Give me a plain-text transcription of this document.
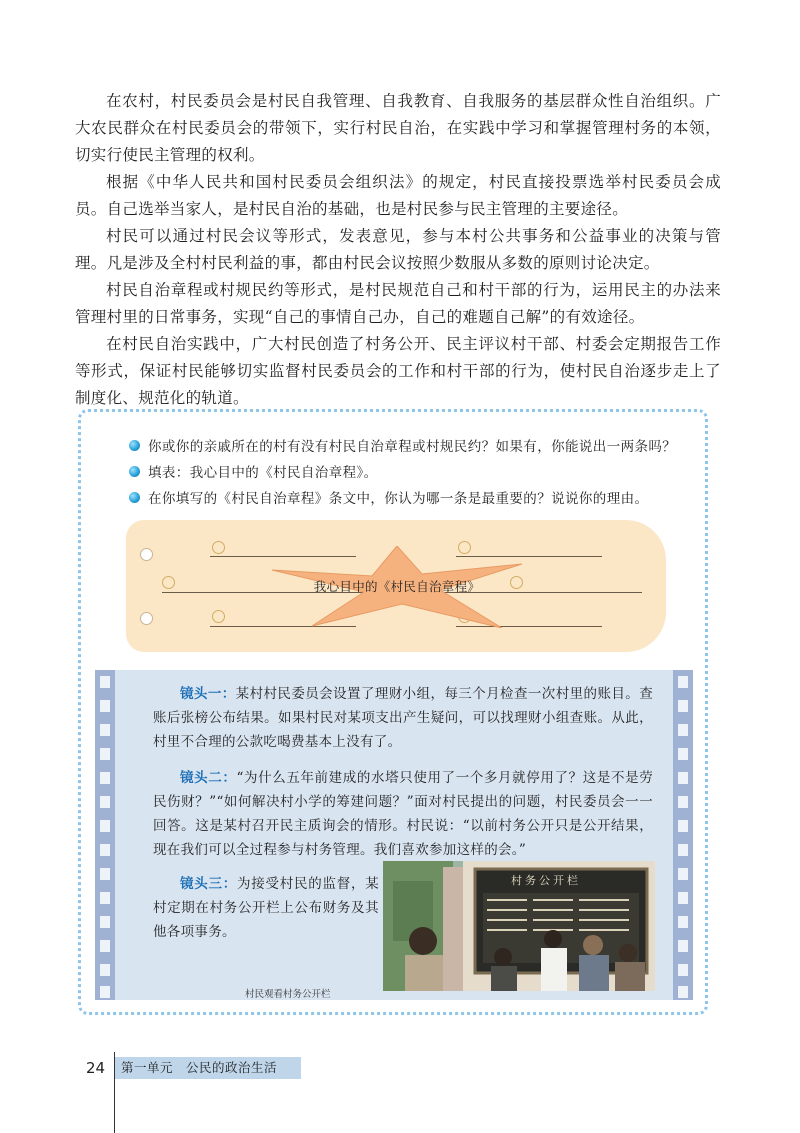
在农村，村民委员会是村民自我管理、自我教育、自我服务的基层群众性自治组织。广大农民群众在村民委员会的带领下，实行村民自治，在实践中学习和掌握管理村务的本领，切实行使民主管理的权利。

根据《中华人民共和国村民委员会组织法》的规定，村民直接投票选举村民委员会成员。自己选举当家人，是村民自治的基础，也是村民参与民主管理的主要途径。

村民可以通过村民会议等形式，发表意见，参与本村公共事务和公益事业的决策与管理。凡是涉及全村村民利益的事，都由村民会议按照少数服从多数的原则讨论决定。

村民自治章程或村规民约等形式，是村民规范自己和村干部的行为，运用民主的办法来管理村里的日常事务，实现“自己的事情自己办，自己的难题自己解”的有效途径。

在村民自治实践中，广大村民创造了村务公开、民主评议村干部、村委会定期报告工作等形式，保证村民能够切实监督村民委员会的工作和村干部的行为，使村民自治逐步走上了制度化、规范化的轨道。

你或你的亲戚所在的村有没有村民自治章程或村规民约？如果有，你能说出一两条吗？
填表：我心目中的《村民自治章程》。
在你填写的《村民自治章程》条文中，你认为哪一条是最重要的？说说你的理由。
我心目中的《村民自治章程》
镜头一：某村村民委员会设置了理财小组，每三个月检查一次村里的账目。查账后张榜公布结果。如果村民对某项支出产生疑问，可以找理财小组查账。从此，村里不合理的公款吃喝费基本上没有了。
镜头二：“为什么五年前建成的水塔只使用了一个多月就停用了？这是不是劳民伤财？”“如何解决村小学的筹建问题？”面对村民提出的问题，村民委员会一一回答。这是某村召开民主质询会的情形。村民说：“以前村务公开只是公开结果，现在我们可以全过程参与村务管理。我们喜欢参加这样的会。”
镜头三：为接受村民的监督，某村定期在村务公开栏上公布财务及其他各项事务。
村务公开栏
村民观看村务公开栏
24	第一单元　公民的政治生活
